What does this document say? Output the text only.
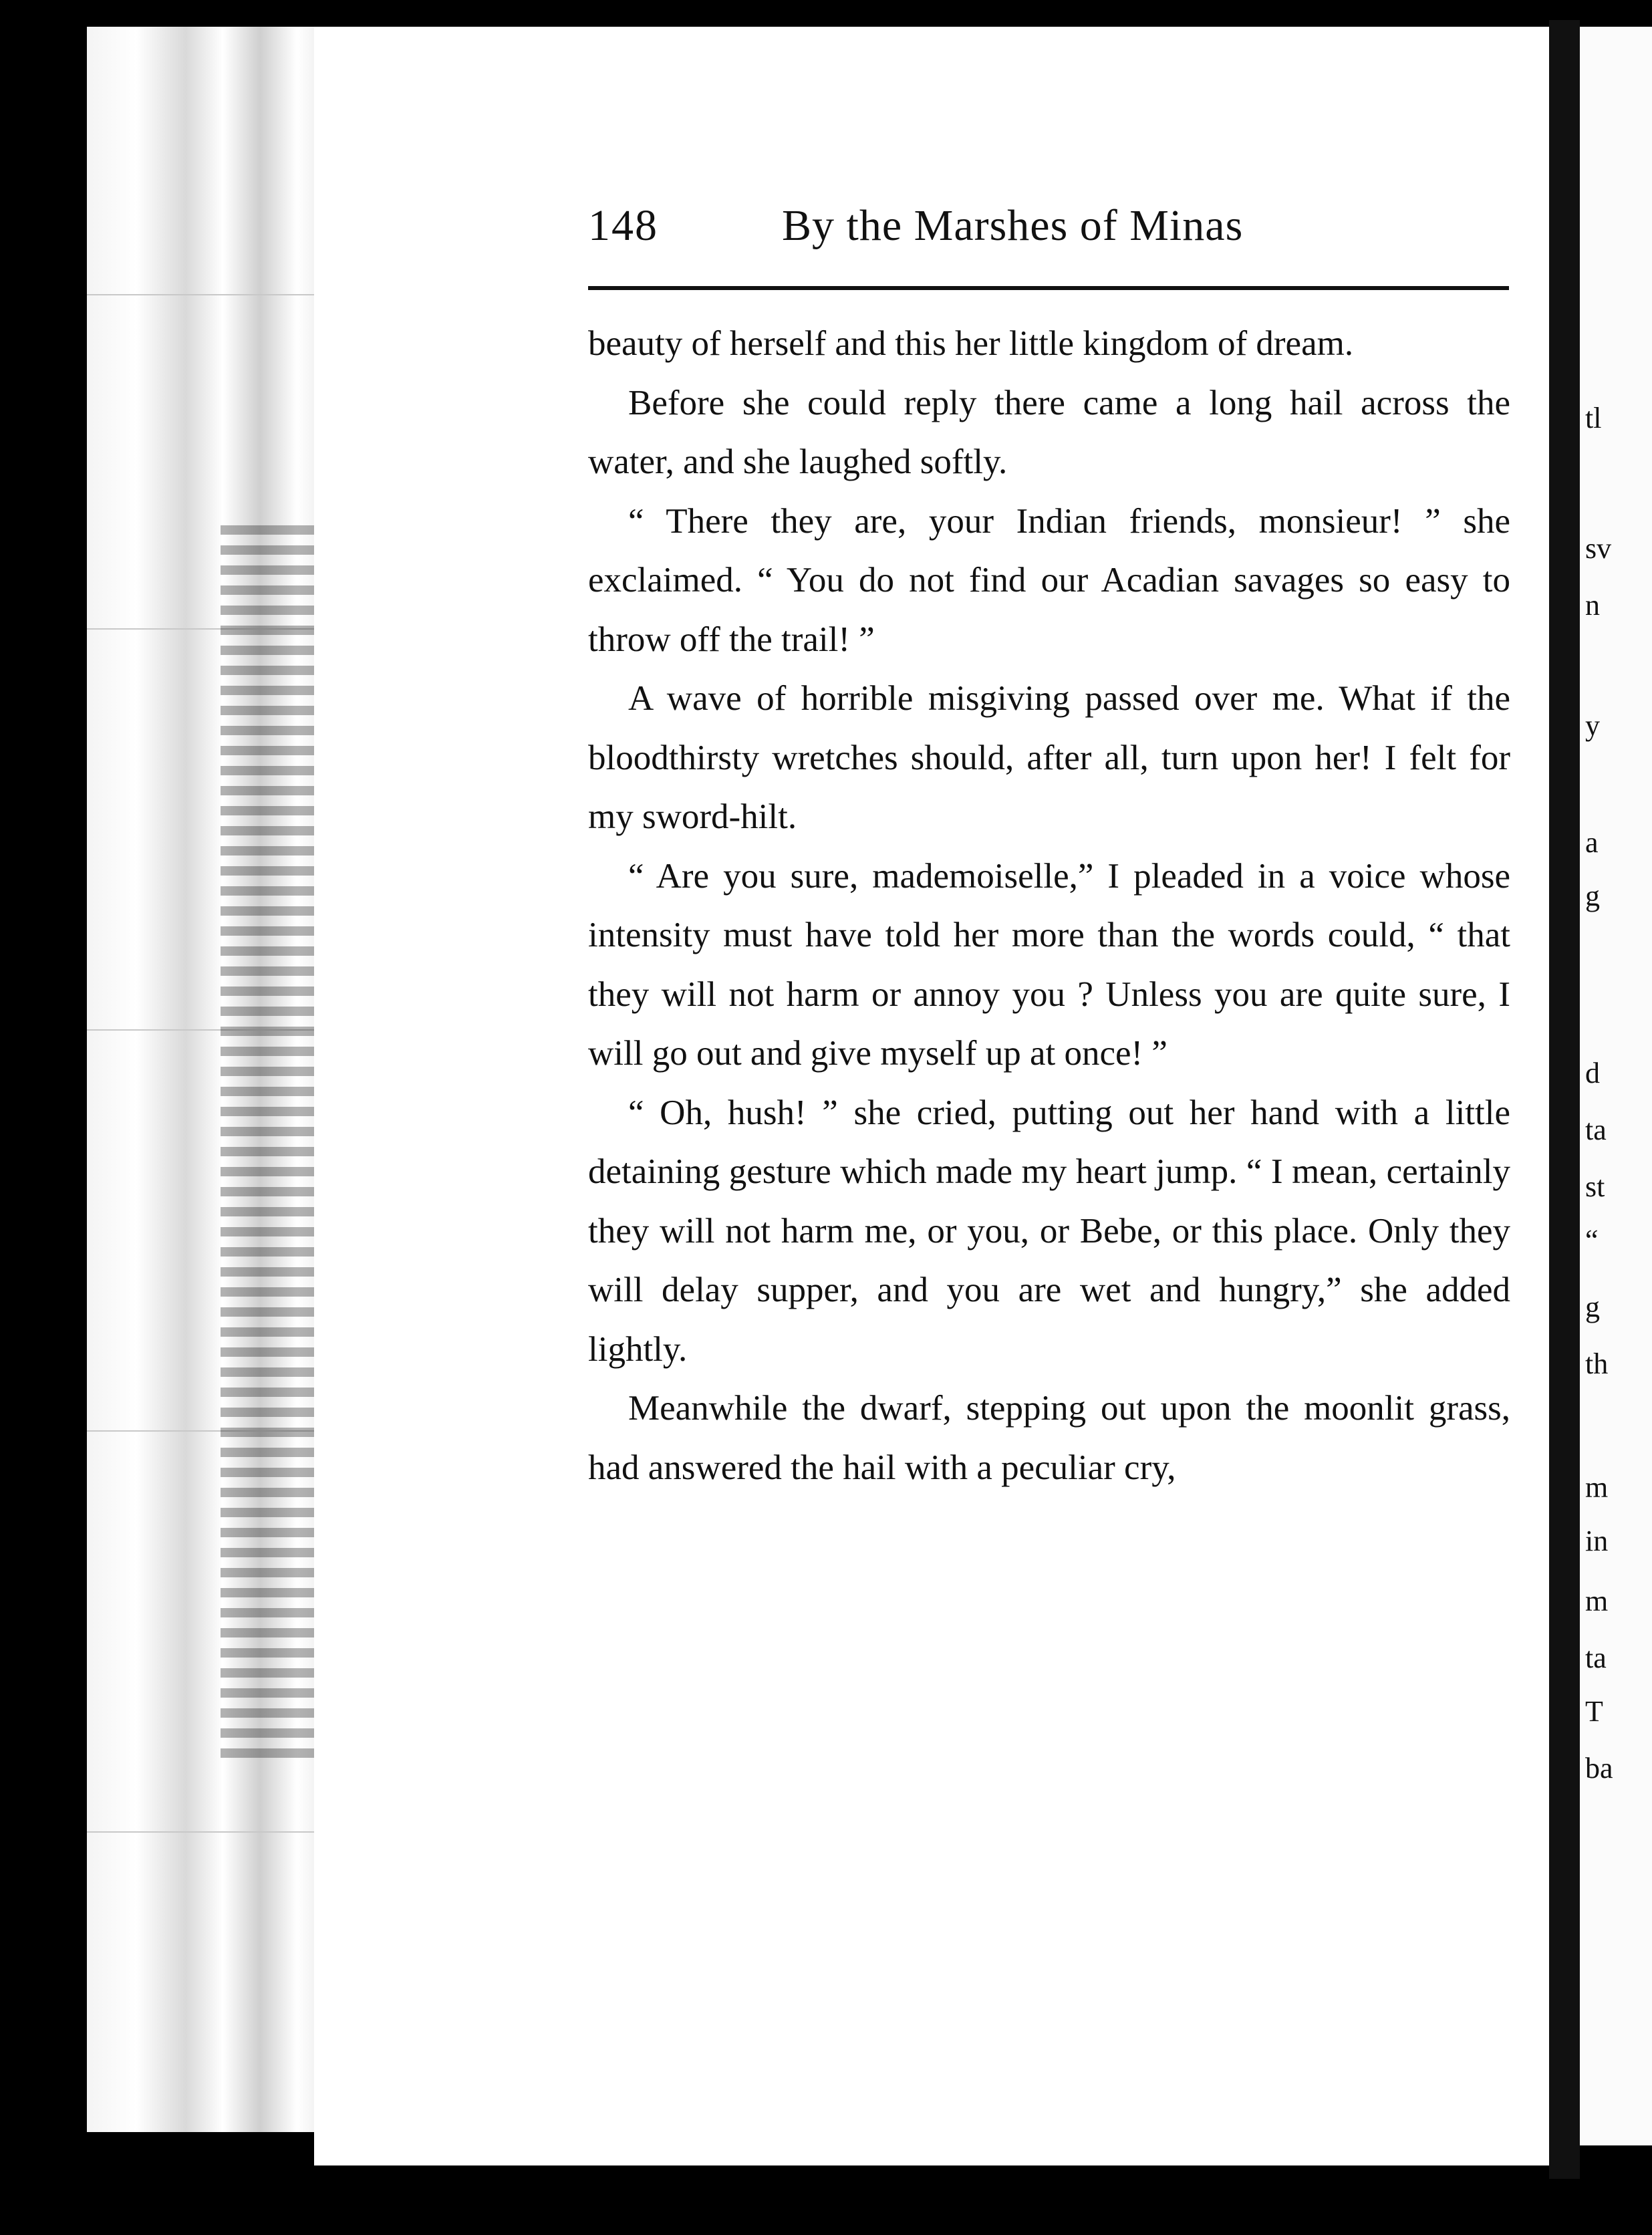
148	By the Marshes of Minas

beauty of herself and this her little kingdom of dream.

Before she could reply there came a long hail across the water, and she laughed softly.

“ There they are, your Indian friends, monsieur! ” she exclaimed. “ You do not find our Acadian savages so easy to throw off the trail! ”

A wave of horrible misgiving passed over me. What if the bloodthirsty wretches should, after all, turn upon her! I felt for my sword-hilt.

“ Are you sure, mademoiselle,” I pleaded in a voice whose intensity must have told her more than the words could, “ that they will not harm or annoy you ? Unless you are quite sure, I will go out and give myself up at once! ”

“ Oh, hush! ” she cried, putting out her hand with a little detaining gesture which made my heart jump. “ I mean, certainly they will not harm me, or you, or Bebe, or this place. Only they will delay supper, and you are wet and hungry,” she added lightly.

Meanwhile the dwarf, stepping out upon the moonlit grass, had answered the hail with a peculiar cry,

tl
sv
n
y
a
g
d
ta
st
“
g
th
m
in
m
ta
T
ba
